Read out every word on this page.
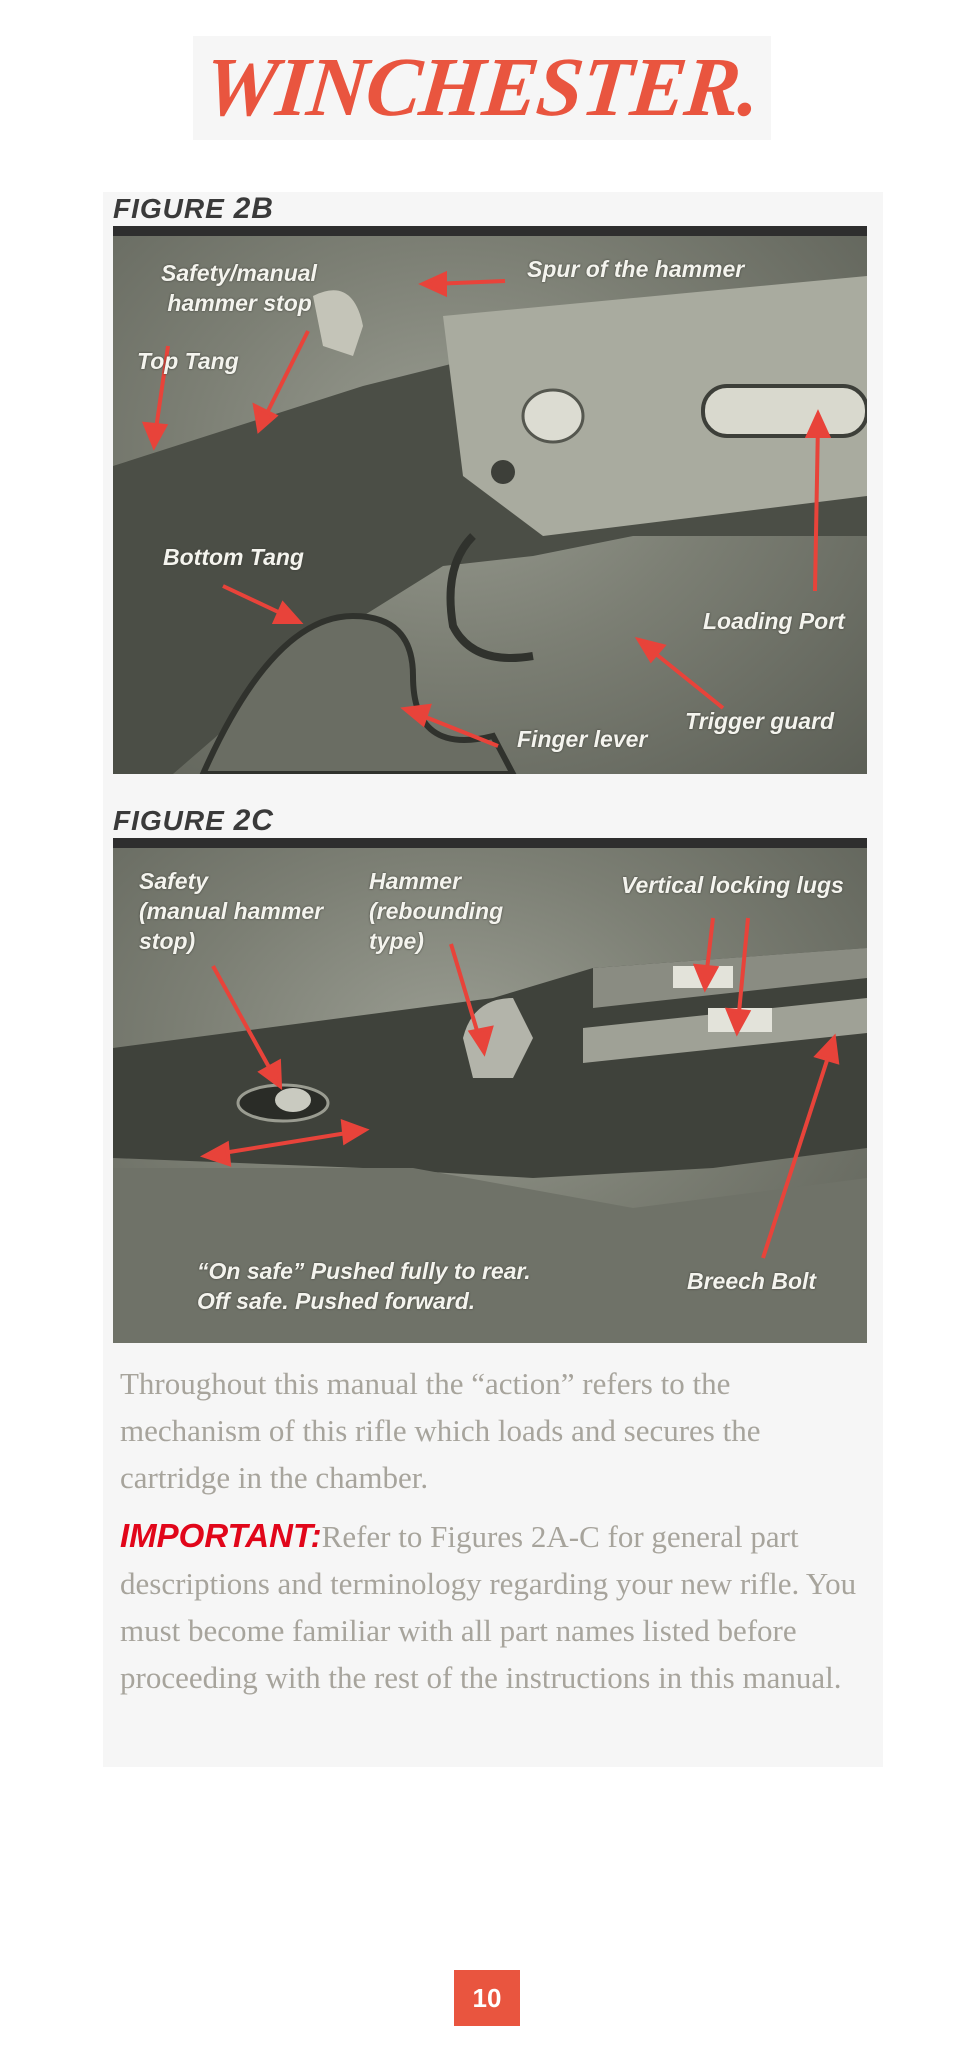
WINCHESTER.
FIGURE 2B
Safety/manual
hammer stop
Spur of the hammer
Top Tang
Bottom Tang
Loading Port
Trigger guard
Finger lever
FIGURE 2C
Safety
(manual hammer
stop)
Hammer
(rebounding
type)
Vertical locking lugs
“On safe” Pushed fully to rear.
Off safe. Pushed forward.
Breech Bolt

Throughout this manual the “action” refers to the mechanism of this rifle which loads and secures the cartridge in the chamber.

IMPORTANT:Refer to Figures 2A-C for general part descriptions and terminology regarding your new rifle. You must become familiar with all part names listed before proceeding with the rest of the instructions in this manual.

10
